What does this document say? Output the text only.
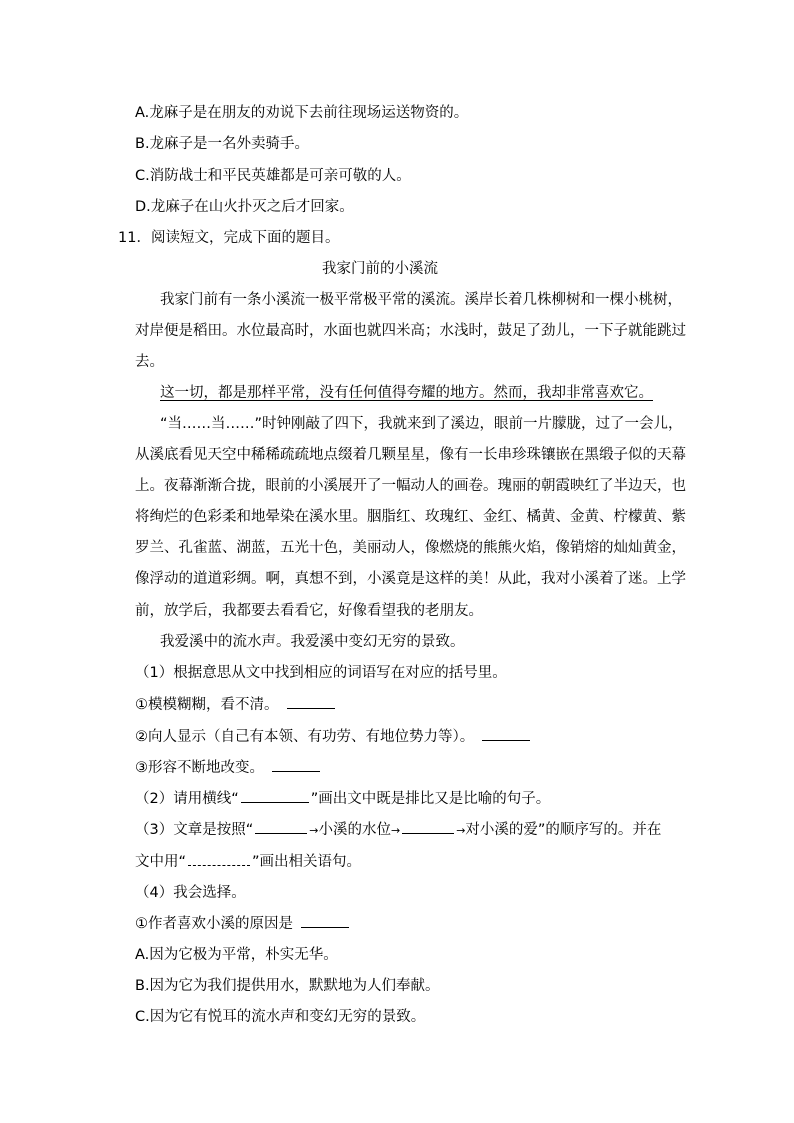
A.龙麻子是在朋友的劝说下去前往现场运送物资的。
B.龙麻子是一名外卖骑手。
C.消防战士和平民英雄都是可亲可敬的人。
D.龙麻子在山火扑灭之后才回家。
11．阅读短文，完成下面的题目。
我家门前的小溪流
我家门前有一条小溪流一极平常极平常的溪流。溪岸长着几株柳树和一棵小桃树，
对岸便是稻田。水位最高时，水面也就四米高；水浅时，鼓足了劲儿，一下子就能跳过
去。
这一切，都是那样平常，没有任何值得夸耀的地方。然而，我却非常喜欢它。
“当……当……”时钟刚敲了四下，我就来到了溪边，眼前一片朦胧，过了一会儿，
从溪底看见天空中稀稀疏疏地点缀着几颗星星，像有一长串珍珠镶嵌在黑缎子似的天幕
上。夜幕渐渐合拢，眼前的小溪展开了一幅动人的画卷。瑰丽的朝霞映红了半边天，也
将绚烂的色彩柔和地晕染在溪水里。胭脂红、玫瑰红、金红、橘黄、金黄、柠檬黄、紫
罗兰、孔雀蓝、湖蓝，五光十色，美丽动人，像燃烧的熊熊火焰，像销熔的灿灿黄金，
像浮动的道道彩绸。啊，真想不到，小溪竟是这样的美！从此，我对小溪着了迷。上学
前，放学后，我都要去看看它，好像看望我的老朋友。
我爱溪中的流水声。我爱溪中变幻无穷的景致。
（1）根据意思从文中找到相应的词语写在对应的括号里。
①模模糊糊，看不清。
②向人显示（自己有本领、有功劳、有地位势力等）。
③形容不断地改变。
（2）请用横线“	”画出文中既是排比又是比喻的句子。
（3）文章是按照“	→小溪的水位→	→对小溪的爱”的顺序写的。并在
文中用“	”画出相关语句。
（4）我会选择。
①作者喜欢小溪的原因是
A.因为它极为平常，朴实无华。
B.因为它为我们提供用水，默默地为人们奉献。
C.因为它有悦耳的流水声和变幻无穷的景致。
